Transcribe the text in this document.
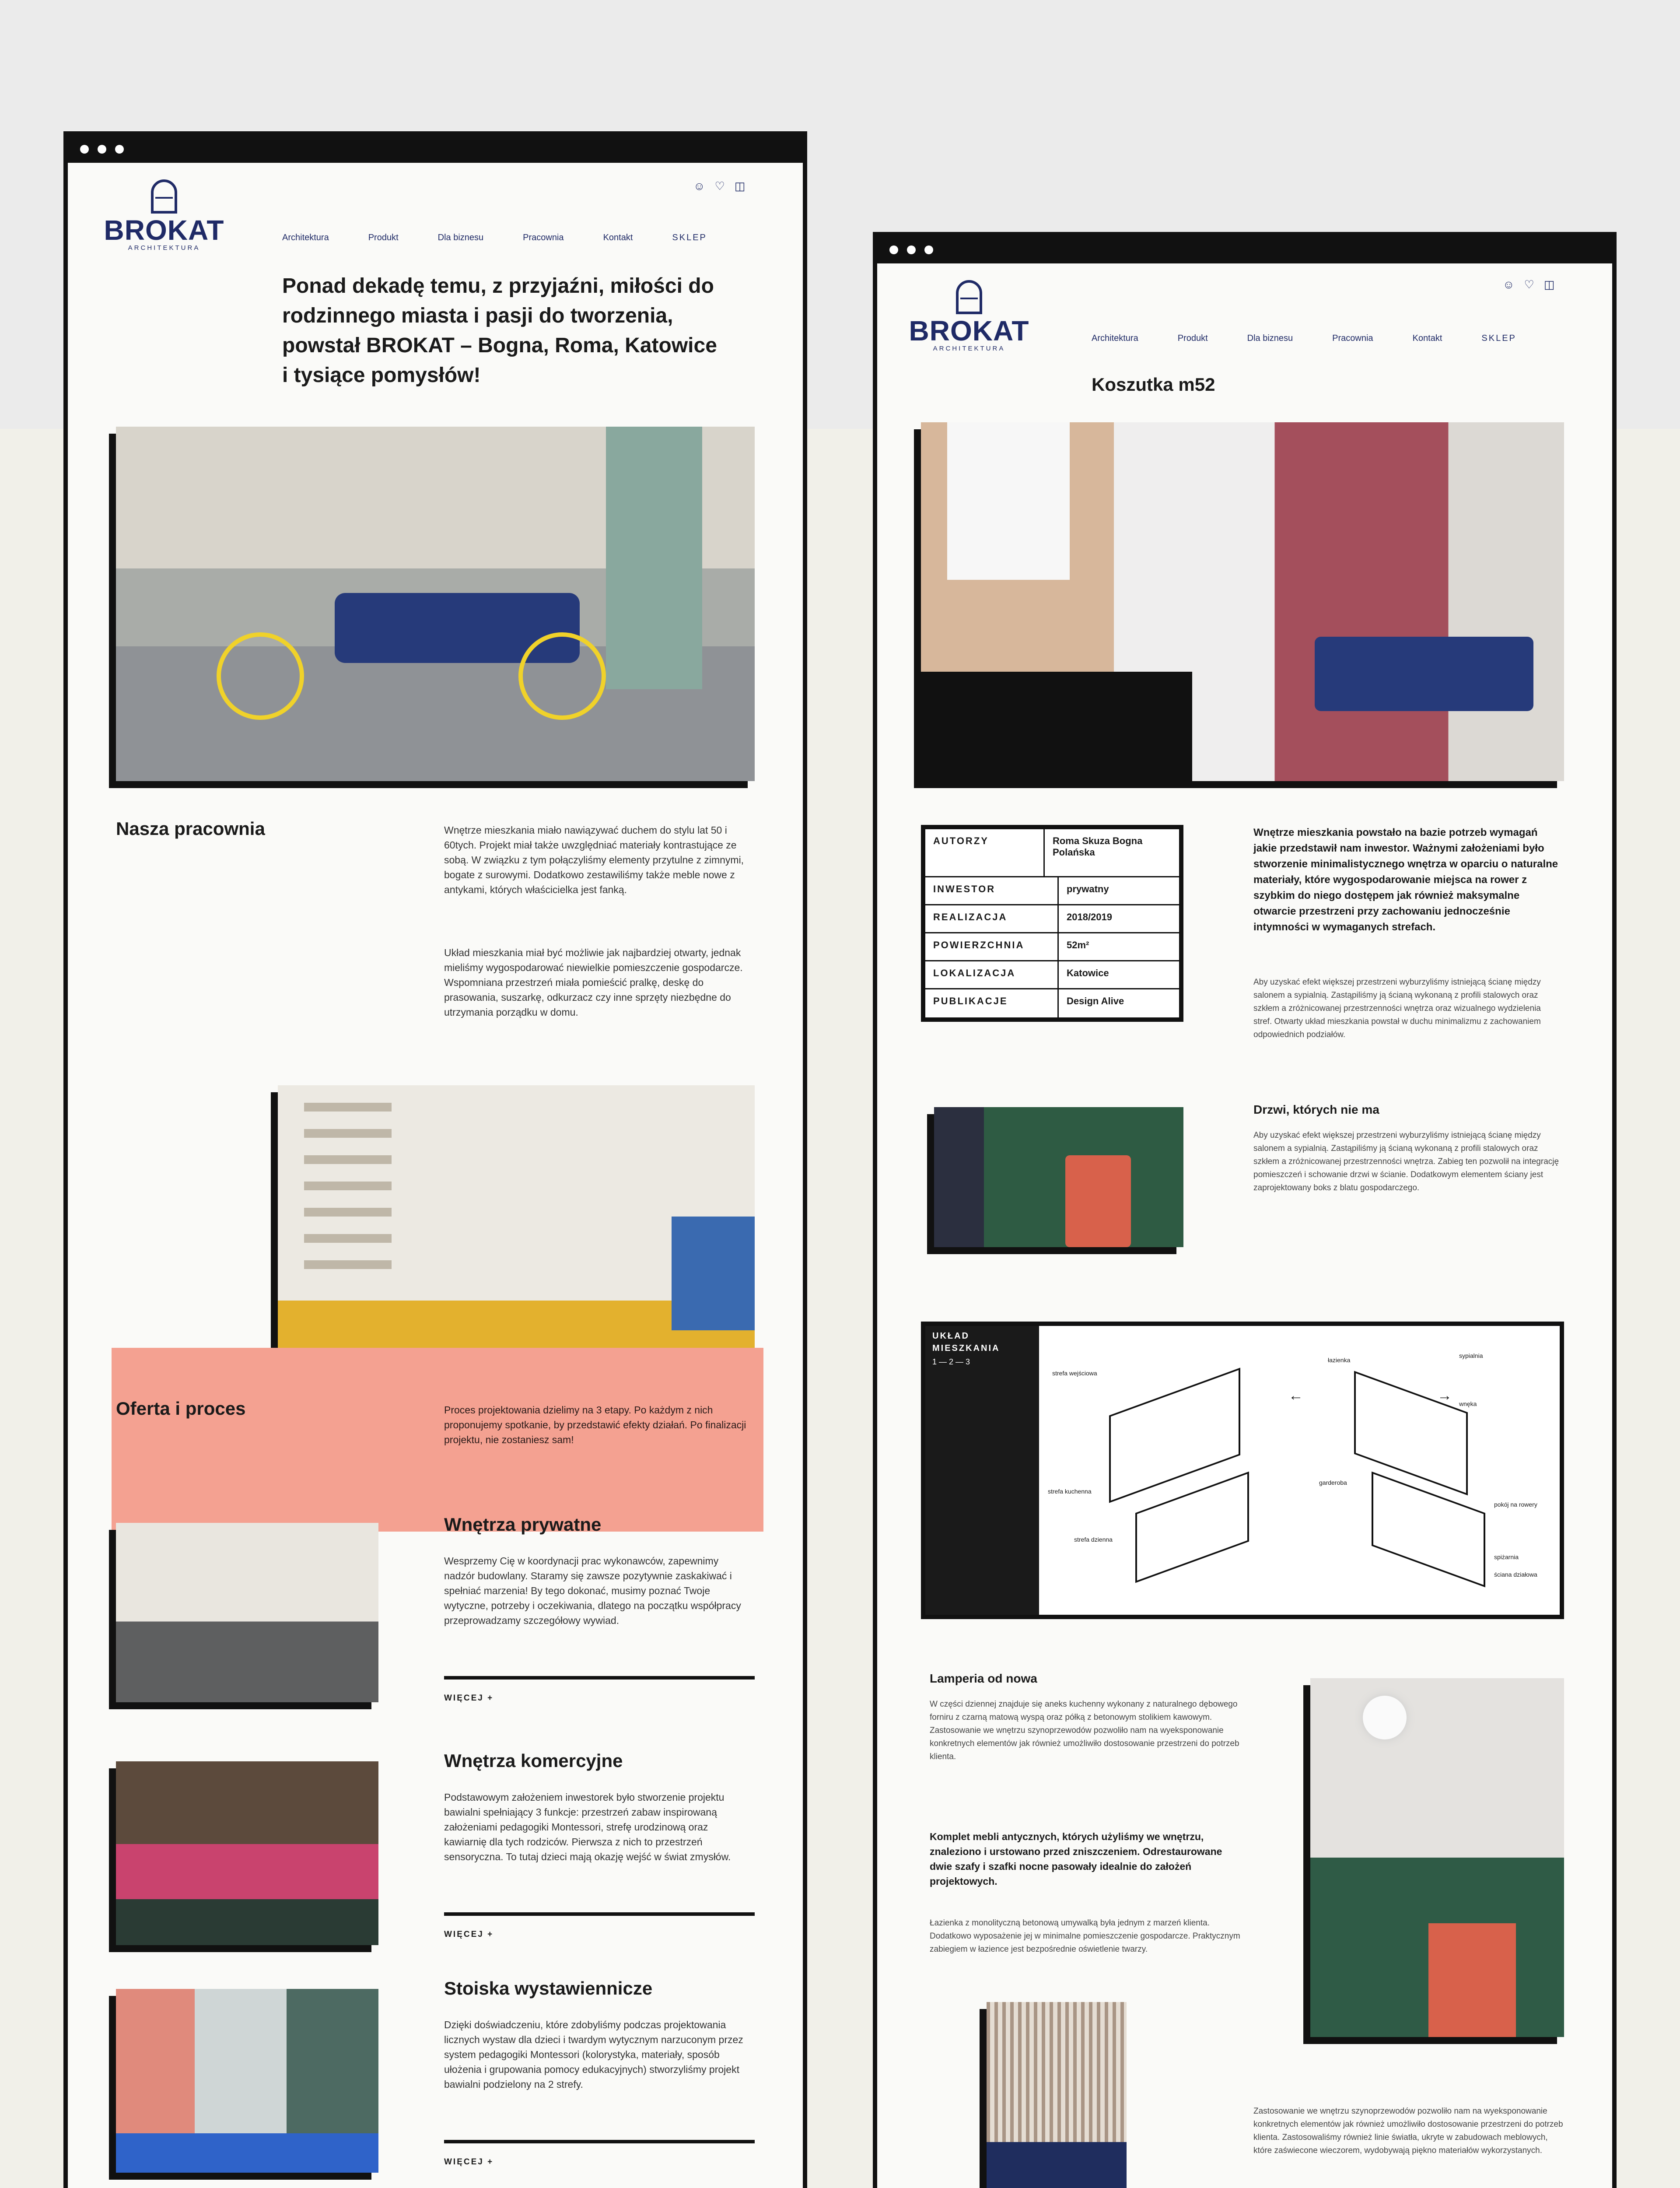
BROKAT
ARCHITEKTURA
Architektura	Produkt	Dla biznesu	Pracownia	Kontakt	SKLEP
☺ ♡ ◫
Ponad dekadę temu, z przyjaźni, miłości do rodzinnego miasta i pasji do tworzenia, powstał BROKAT – Bogna, Roma, Katowice i tysiące pomysłów!
Nasza pracownia	Wnętrze mieszkania miało nawiązywać duchem do stylu lat 50 i 60tych. Projekt miał także uwzględniać materiały kontrastujące ze sobą. W związku z tym połączyliśmy elementy przytulne z zimnymi, bogate z surowymi. Dodatkowo zestawiliśmy także meble nowe z antykami, których właścicielka jest fanką.

Układ mieszkania miał być możliwie jak najbardziej otwarty, jednak mieliśmy wygospodarować niewielkie pomieszczenie gospodarcze. Wspomniana przestrzeń miała pomieścić pralkę, deskę do prasowania, suszarkę, odkurzacz czy inne sprzęty niezbędne do utrzymania porządku w domu.

Oferta i proces	Proces projektowania dzielimy na 3 etapy. Po każdym z nich proponujemy spotkanie, by przedstawić efekty działań. Po finalizacji projektu, nie zostaniesz sam!

Wnętrza prywatne

Wesprzemy Cię w koordynacji prac wykonawców, zapewnimy nadzór budowlany. Staramy się zawsze pozytywnie zaskakiwać i spełniać marzenia! By tego dokonać, musimy poznać Twoje wytyczne, potrzeby i oczekiwania, dlatego na początku współpracy przeprowadzamy szczegółowy wywiad.

WIĘCEJ +
Wnętrza komercyjne

Podstawowym założeniem inwestorek było stworzenie projektu bawialni spełniający 3 funkcje: przestrzeń zabaw inspirowaną założeniami pedagogiki Montessori, strefę urodzinową oraz kawiarnię dla tych rodziców. Pierwsza z nich to przestrzeń sensoryczna. To tutaj dzieci mają okazję wejść w świat zmysłów.

WIĘCEJ +
Stoiska wystawiennicze

Dzięki doświadczeniu, które zdobyliśmy podczas projektowania licznych wystaw dla dzieci i twardym wytycznym narzuconym przez system pedagogiki Montessori (kolorystyka, materiały, sposób ułożenia i grupowania pomocy edukacyjnych) stworzyliśmy projekt bawialni podzielony na 2 strefy.

WIĘCEJ +

BROKAT
ARCHITEKTURA
Architektura	Produkt	Dla biznesu	Pracownia	Kontakt	SKLEP
☺ ♡ ◫
Koszutka m52
AUTORZY	Roma Skuza Bogna Polańska
INWESTOR	prywatny
REALIZACJA	2018/2019
POWIERZCHNIA	52m²
LOKALIZACJA	Katowice
PUBLIKACJE	Design Alive

Wnętrze mieszkania powstało na bazie potrzeb wymagań jakie przedstawił nam inwestor. Ważnymi założeniami było stworzenie minimalistycznego wnętrza w oparciu o naturalne materiały, które wygospodarowanie miejsca na rower z szybkim do niego dostępem jak również maksymalne otwarcie przestrzeni przy zachowaniu jednocześnie intymności w wymaganych strefach.

Aby uzyskać efekt większej przestrzeni wyburzyliśmy istniejącą ścianę między salonem a sypialnią. Zastąpiliśmy ją ścianą wykonaną z profili stalowych oraz szkłem a zróżnicowanej przestrzenności wnętrza oraz wizualnego wydzielenia stref. Otwarty układ mieszkania powstał w duchu minimalizmu z zachowaniem odpowiednich podziałów.

Drzwi, których nie ma

Aby uzyskać efekt większej przestrzeni wyburzyliśmy istniejącą ścianę między salonem a sypialnią. Zastąpiliśmy ją ścianą wykonaną z profili stalowych oraz szkłem a zróżnicowanej przestrzenności wnętrza. Zabieg ten pozwolił na integrację pomieszczeń i schowanie drzwi w ścianie. Dodatkowym elementem ściany jest zaprojektowany boks z blatu gospodarczego.

UKŁAD
MIESZKANIA
1 — 2 — 3
←	→
strefa wejściowa
łazienka
sypialnia
strefa kuchenna
strefa dzienna
pokój na rowery
garderoba
wnęka
spiżarnia
ściana działowa
Lamperia od nowa

W części dziennej znajduje się aneks kuchenny wykonany z naturalnego dębowego forniru z czarną matową wyspą oraz półką z betonowym stolikiem kawowym. Zastosowanie we wnętrzu szynoprzewodów pozwoliło nam na wyeksponowanie konkretnych elementów jak również umożliwiło dostosowanie przestrzeni do potrzeb klienta.

Komplet mebli antycznych, których użyliśmy we wnętrzu, znalezionо i urstowano przed zniszczeniem. Odrestaurowane dwie szafy i szafki nocne pasowały idealnie do założeń projektowych.

Łazienka z monolityczną betonową umywalką była jednym z marzeń klienta. Dodatkowo wyposażenie jej w minimalne pomieszczenie gospodarcze. Praktycznym zabiegiem w łazience jest bezpośrednie oświetlenie twarzy.

Zastosowanie we wnętrzu szynoprzewodów pozwoliło nam na wyeksponowanie konkretnych elementów jak również umożliwiło dostosowanie przestrzeni do potrzeb klienta. Zastosowaliśmy również linie światła, ukryte w zabudowach meblowych, które zaświecone wieczorem, wydobywają piękno materiałów wykorzystanych.
